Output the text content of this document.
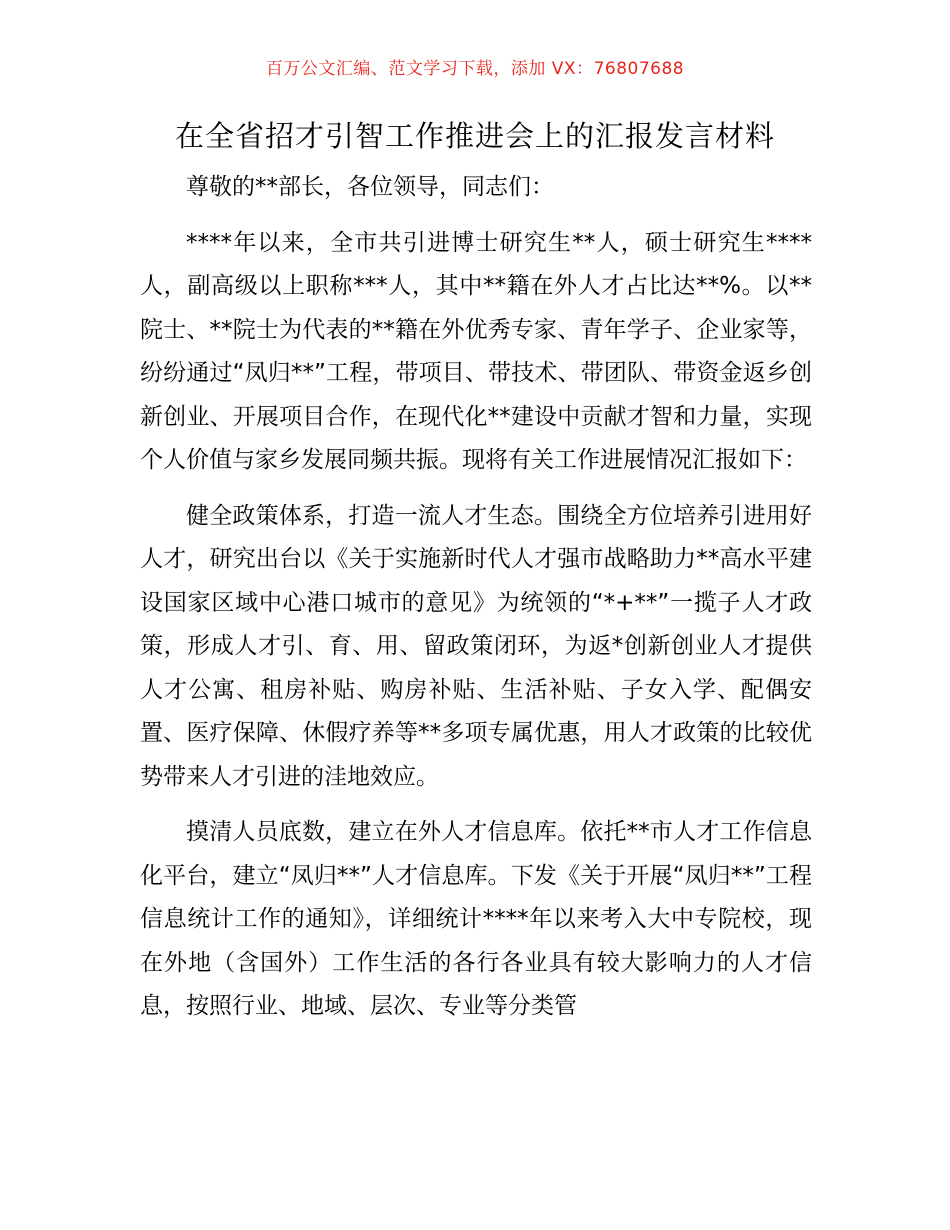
百万公文汇编、范文学习下载，添加 VX：76807688
在全省招才引智工作推进会上的汇报发言材料

尊敬的**部长，各位领导，同志们：

****年以来，全市共引进博士研究生**人，硕士研究生****人，副高级以上职称***人，其中**籍在外人才占比达**%。以**院士、**院士为代表的**籍在外优秀专家、青年学子、企业家等，纷纷通过“凤归**”工程，带项目、带技术、带团队、带资金返乡创新创业、开展项目合作，在现代化**建设中贡献才智和力量，实现个人价值与家乡发展同频共振。现将有关工作进展情况汇报如下：

健全政策体系，打造一流人才生态。围绕全方位培养引进用好人才，研究出台以《关于实施新时代人才强市战略助力**高水平建设国家区域中心港口城市的意见》为统领的“*+**”一揽子人才政策，形成人才引、育、用、留政策闭环，为返*创新创业人才提供人才公寓、租房补贴、购房补贴、生活补贴、子女入学、配偶安置、医疗保障、休假疗养等**多项专属优惠，用人才政策的比较优势带来人才引进的洼地效应。

摸清人员底数，建立在外人才信息库。依托**市人才工作信息化平台，建立“凤归**”人才信息库。下发《关于开展“凤归**”工程信息统计工作的通知》，详细统计****年以来考入大中专院校，现在外地（含国外）工作生活的各行各业具有较大影响力的人才信息，按照行业、地域、层次、专业等分类管
